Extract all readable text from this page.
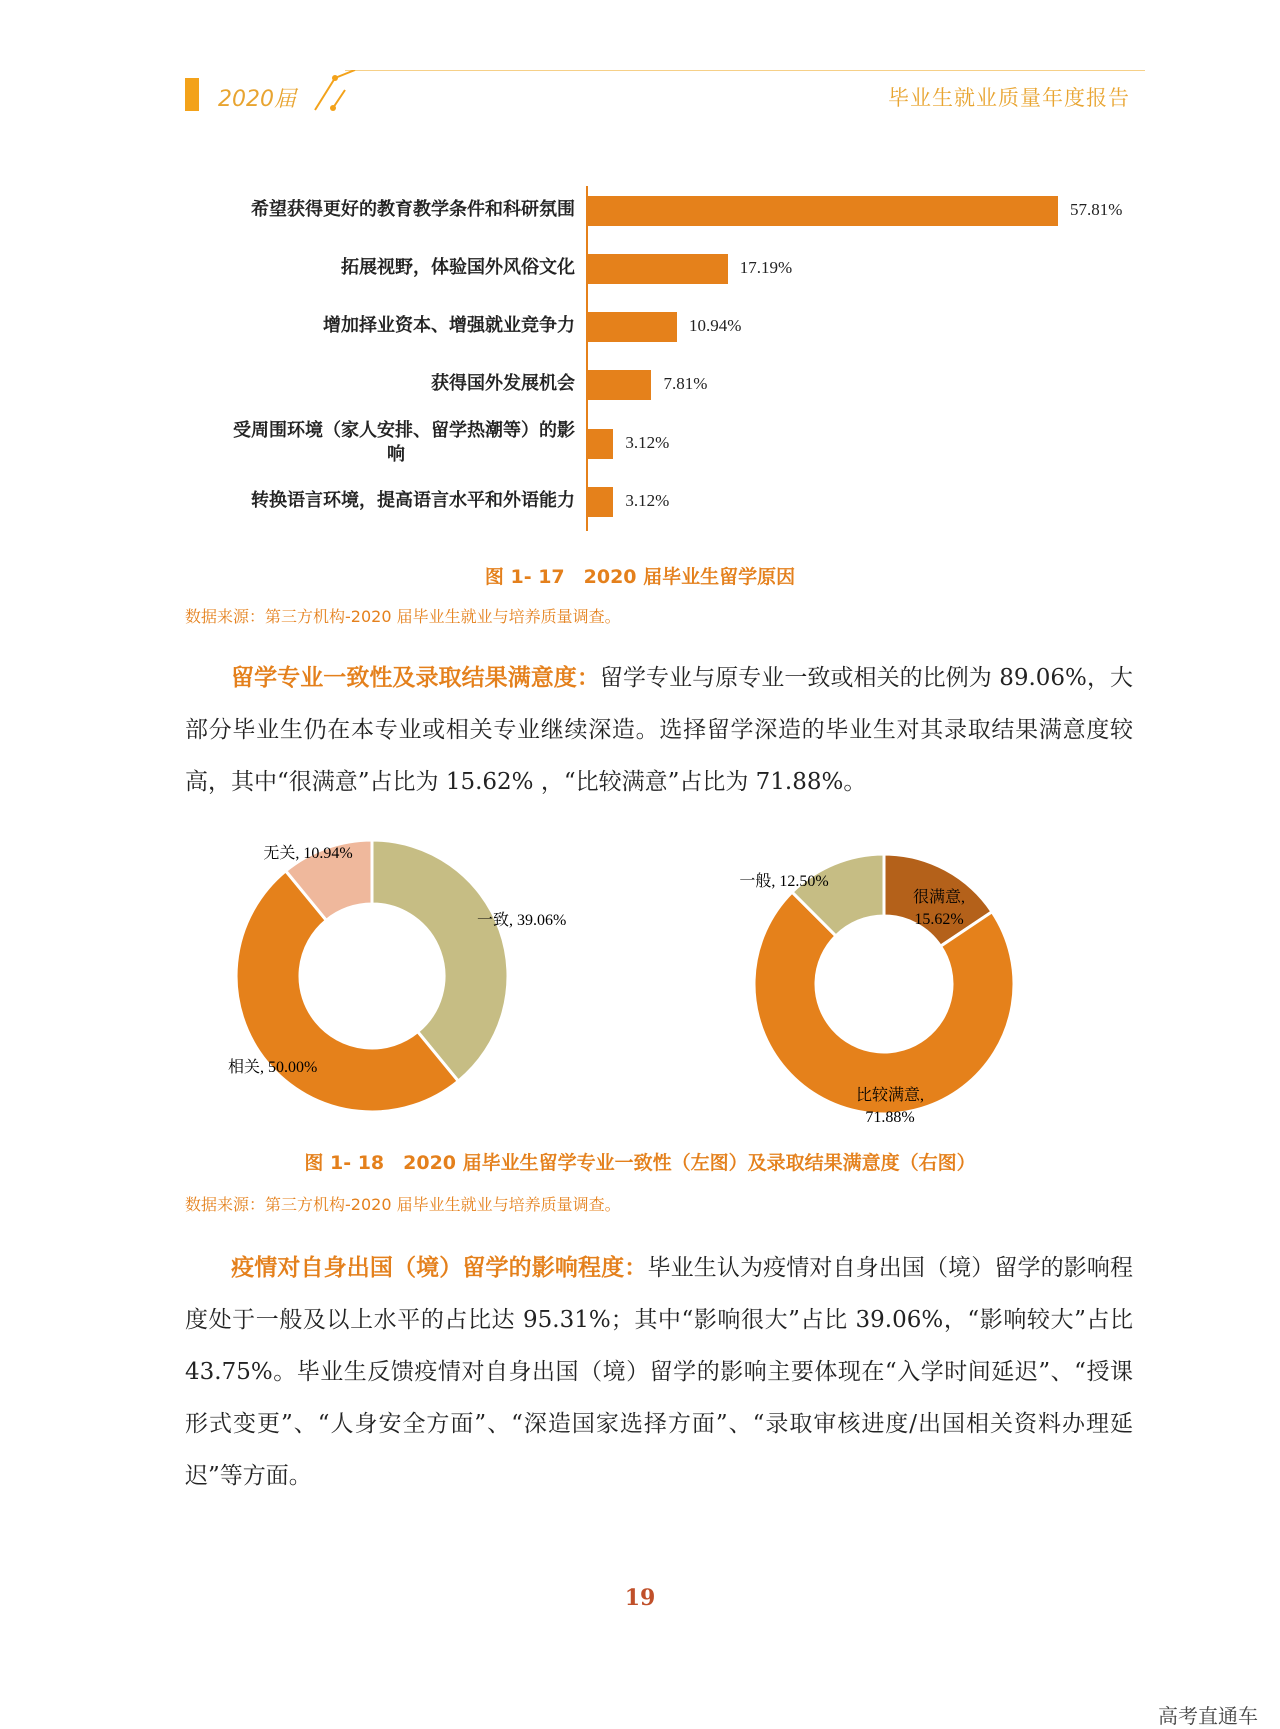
2020届	毕业生就业质量年度报告
希望获得更好的教育教学条件和科研氛围	57.81%
拓展视野，体验国外风俗文化	17.19%
增加择业资本、增强就业竞争力	10.94%
获得国外发展机会	7.81%
受周围环境（家人安排、留学热潮等）的影
响
3.12%
转换语言环境，提高语言水平和外语能力	3.12%
图 1- 17　2020 届毕业生留学原因
数据来源：第三方机构-2020 届毕业生就业与培养质量调查。
留学专业一致性及录取结果满意度：留学专业与原专业一致或相关的比例为 89.06%，大部分毕业生仍在本专业或相关专业继续深造。选择留学深造的毕业生对其录取结果满意度较高，其中“很满意”占比为 15.62% ，“比较满意”占比为 71.88%。
一致, 39.06%
相关, 50.00%
无关, 10.94%
很满意,
15.62%
比较满意,
71.88%
一般, 12.50%
图 1- 18　2020 届毕业生留学专业一致性（左图）及录取结果满意度（右图）
数据来源：第三方机构-2020 届毕业生就业与培养质量调查。
疫情对自身出国（境）留学的影响程度：毕业生认为疫情对自身出国（境）留学的影响程度处于一般及以上水平的占比达 95.31%；其中“影响很大”占比 39.06%，“影响较大”占比 43.75%。毕业生反馈疫情对自身出国（境）留学的影响主要体现在“入学时间延迟”、“授课形式变更”、“人身安全方面”、“深造国家选择方面”、“录取审核进度/出国相关资料办理延迟”等方面。
19
高考直通车
